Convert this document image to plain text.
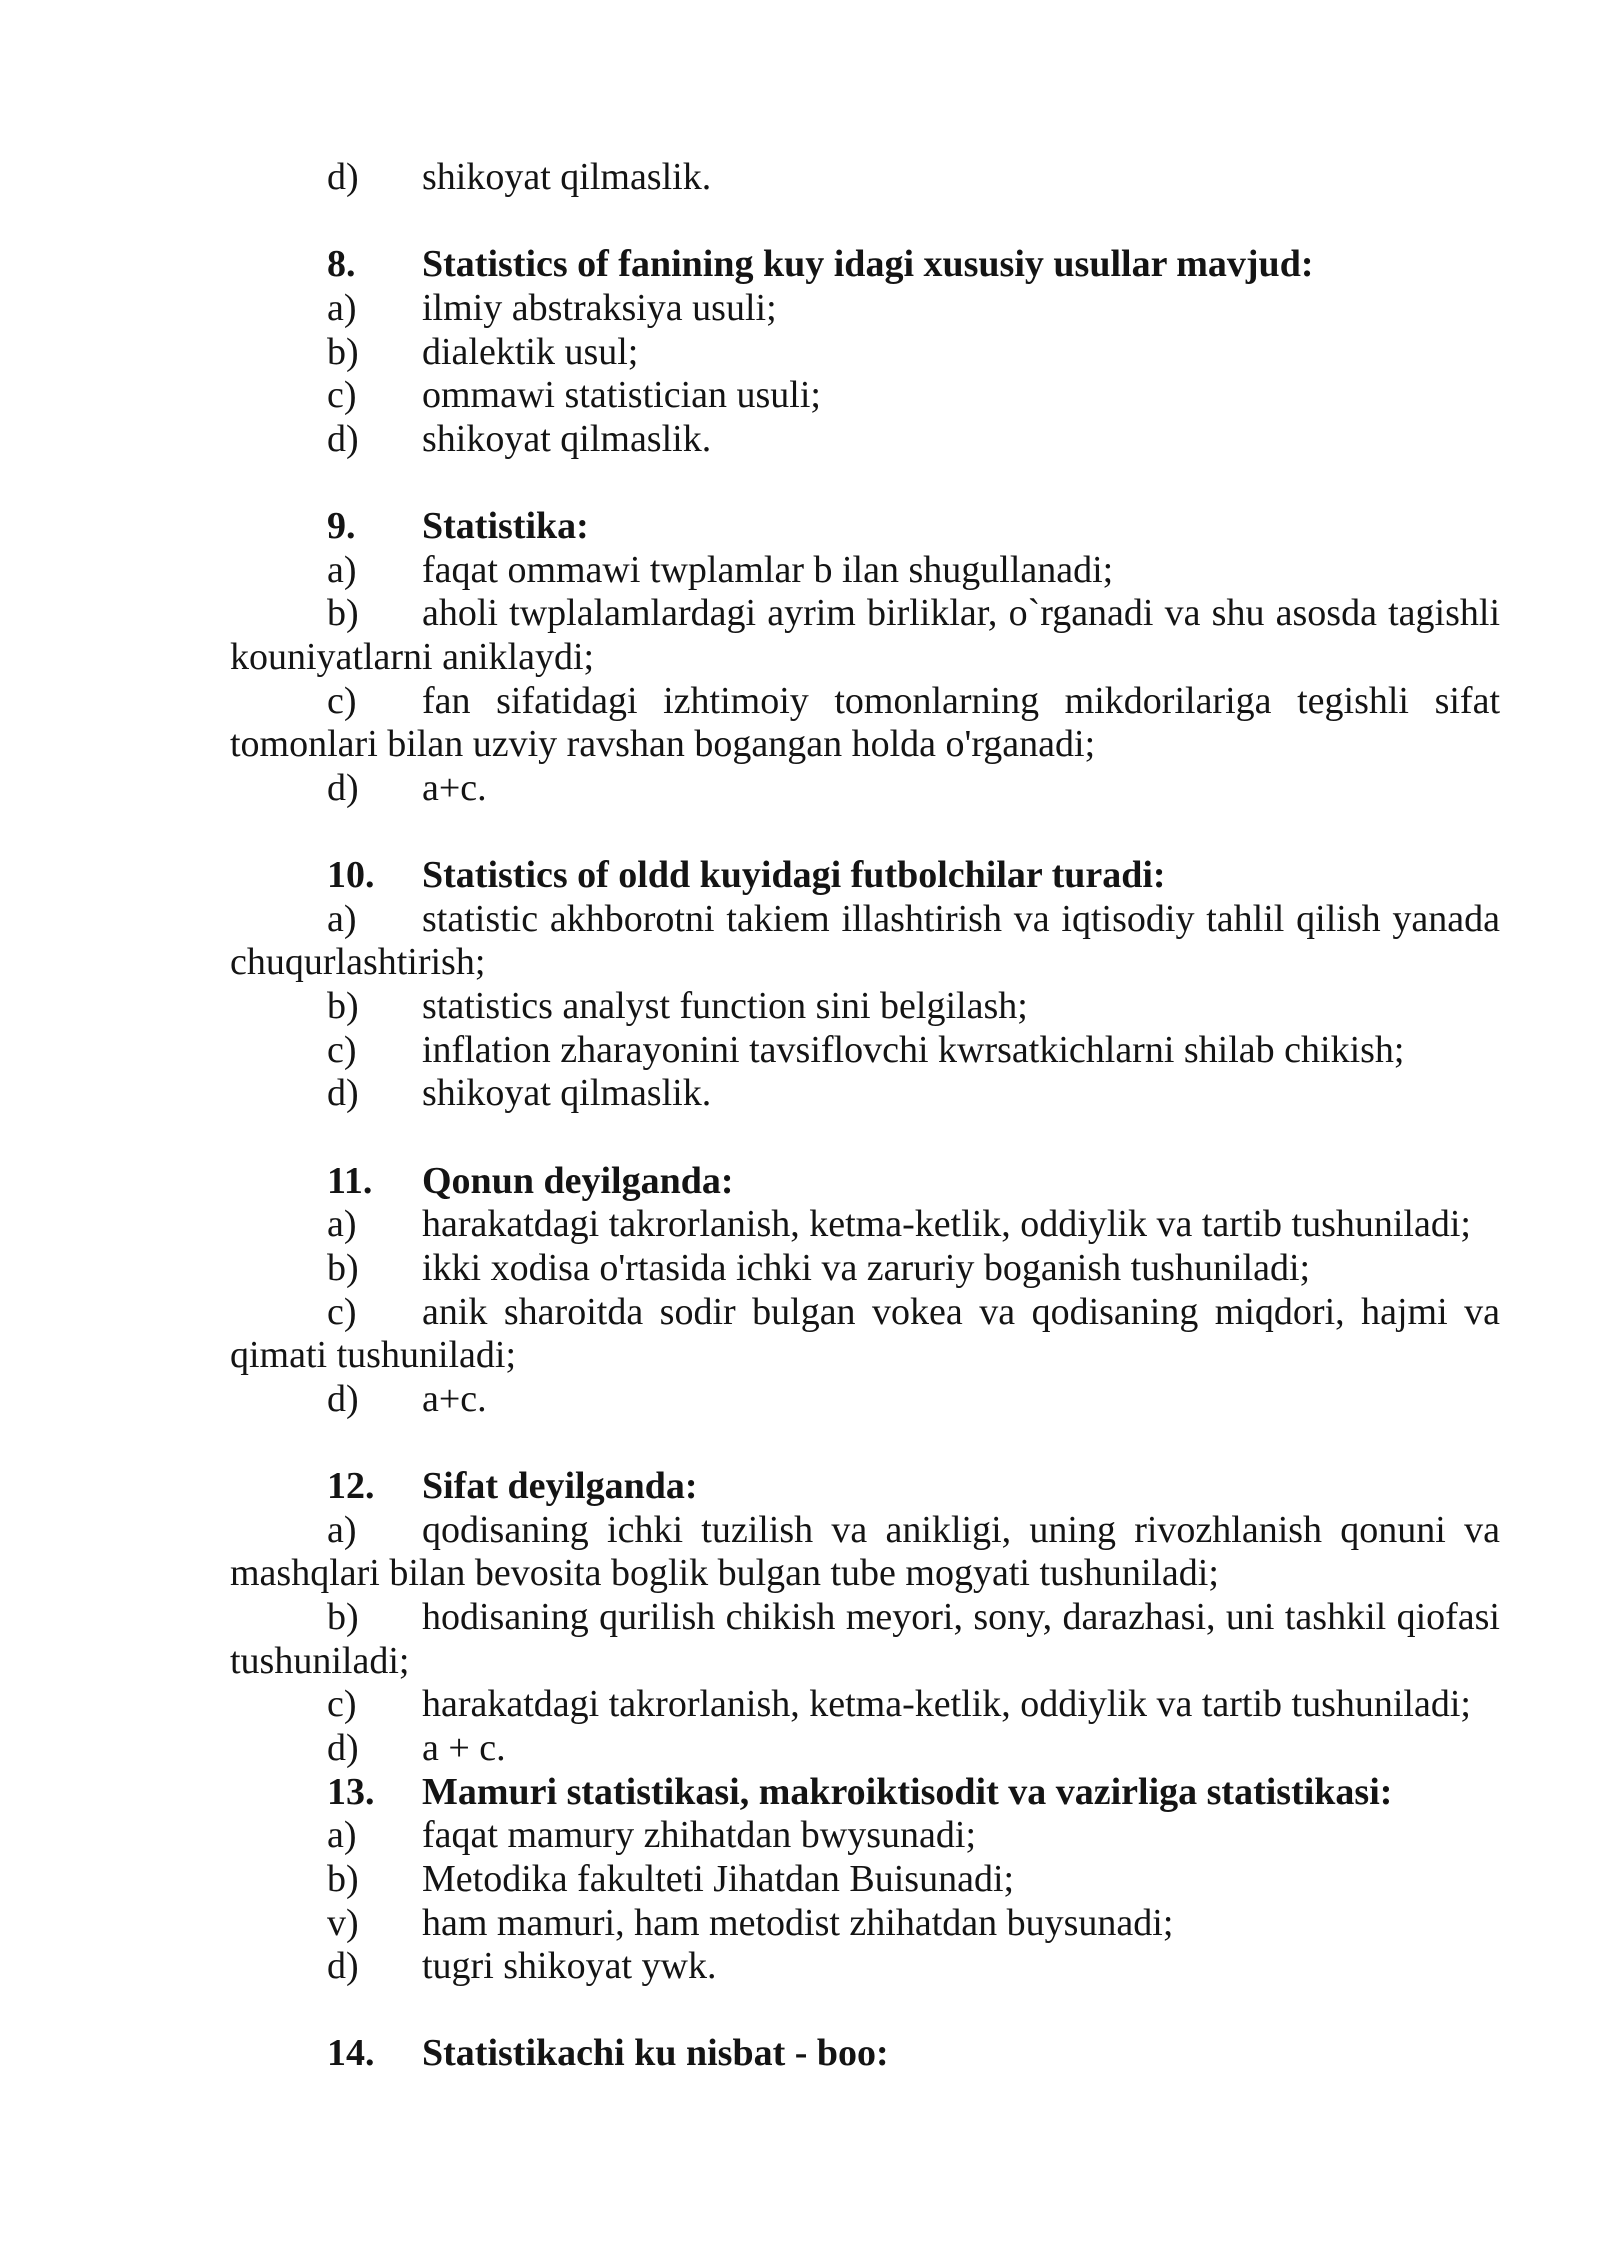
d) shikoyat qilmaslik.

8. Statistics of fanining kuy idagi xususiy usullar mavjud:

a) ilmiy abstraksiya usuli;

b) dialektik usul;

c) ommawi statistician usuli;

d) shikoyat qilmaslik.

9. Statistika:

a) faqat ommawi twplamlar b ilan shugullanadi;

b) aholi twplalamlardagi ayrim birliklar, o`rganadi va shu asosda tagishli kouniyatlarni aniklaydi;

c) fan sifatidagi izhtimoiy tomonlarning mikdorilariga tegishli sifat tomonlari bilan uzviy ravshan bogangan holda o'rganadi;

d) a+c.

10. Statistics of oldd kuyidagi futbolchilar turadi:

a) statistic akhborotni takiem illashtirish va iqtisodiy tahlil qilish yanada chuqurlashtirish;

b) statistics analyst function sini belgilash;

c) inflation zharayonini tavsiflovchi kwrsatkichlarni shilab chikish;

d) shikoyat qilmaslik.

11. Qonun deyilganda:

a) harakatdagi takrorlanish, ketma-ketlik, oddiylik va tartib tushuniladi;

b) ikki xodisa o'rtasida ichki va zaruriy boganish tushuniladi;

c) anik sharoitda sodir bulgan vokea va qodisaning miqdori, hajmi va qimati tushuniladi;

d) a+c.

12. Sifat deyilganda:

a) qodisaning ichki tuzilish va anikligi, uning rivozhlanish qonuni va mashqlari bilan bevosita boglik bulgan tube mogyati tushuniladi;

b) hodisaning qurilish chikish meyori, sony, darazhasi, uni tashkil qiofasi tushuniladi;

c) harakatdagi takrorlanish, ketma-ketlik, oddiylik va tartib tushuniladi;

d) a + c.

13. Mamuri statistikasi, makroiktisodit va vazirliga statistikasi:

a) faqat mamury zhihatdan bwysunadi;

b) Metodika fakulteti Jihatdan Buisunadi;

v) ham mamuri, ham metodist zhihatdan buysunadi;

d) tugri shikoyat ywk.

14. Statistikachi ku nisbat - boo:
